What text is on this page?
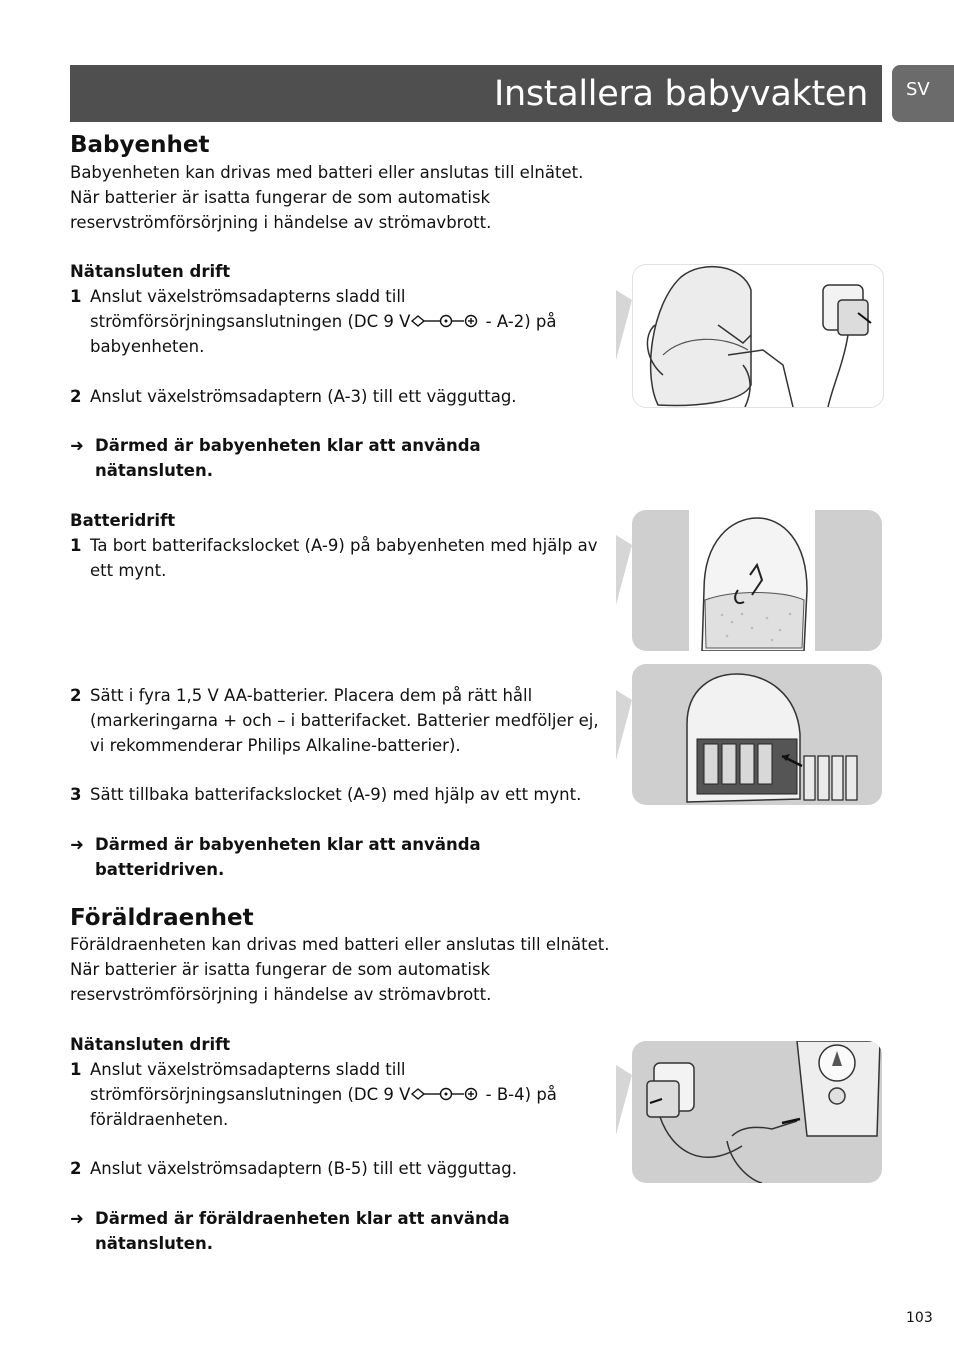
Installera babyvakten SV
Babyenhet
Babyenheten kan drivas med batteri eller anslutas till elnätet.
När batterier är isatta fungerar de som automatisk
reservströmförsörjning i händelse av strömavbrott.
Nätansluten drift
1 Anslut växelströmsadapterns sladd till
strömförsörjningsanslutningen (DC 9 V	- A-2) på
babyenheten.
2 Anslut växelströmsadaptern (A-3) till ett vägguttag.
➜ Därmed är babyenheten klar att använda
nätansluten.
Batteridrift
1 Ta bort batterifackslocket (A-9) på babyenheten med hjälp av
ett mynt.
2 Sätt i fyra 1,5 V AA-batterier. Placera dem på rätt håll
(markeringarna + och – i batterifacket. Batterier medföljer ej,
vi rekommenderar Philips Alkaline-batterier).
3 Sätt tillbaka batterifackslocket (A-9) med hjälp av ett mynt.
➜ Därmed är babyenheten klar att använda
batteridriven.
Föräldraenhet
Föräldraenheten kan drivas med batteri eller anslutas till elnätet.
När batterier är isatta fungerar de som automatisk
reservströmförsörjning i händelse av strömavbrott.
Nätansluten drift
1 Anslut växelströmsadapterns sladd till
strömförsörjningsanslutningen (DC 9 V	- B-4) på
föräldraenheten.
2 Anslut växelströmsadaptern (B-5) till ett vägguttag.
➜ Därmed är föräldraenheten klar att använda
nätansluten.
103
